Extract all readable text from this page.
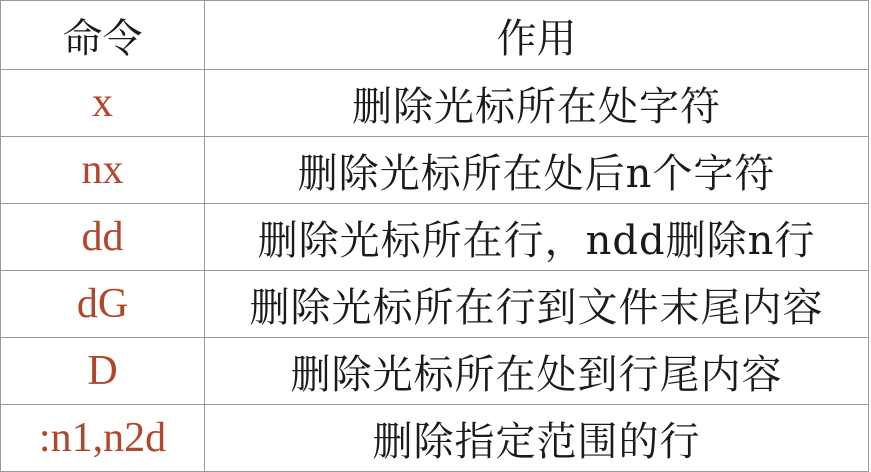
命令	作用
x	删除光标所在处字符
nx	删除光标所在处后n个字符
dd	删除光标所在行，ndd删除n行
dG	删除光标所在行到文件末尾内容
D	删除光标所在处到行尾内容
:n1,n2d	删除指定范围的行
